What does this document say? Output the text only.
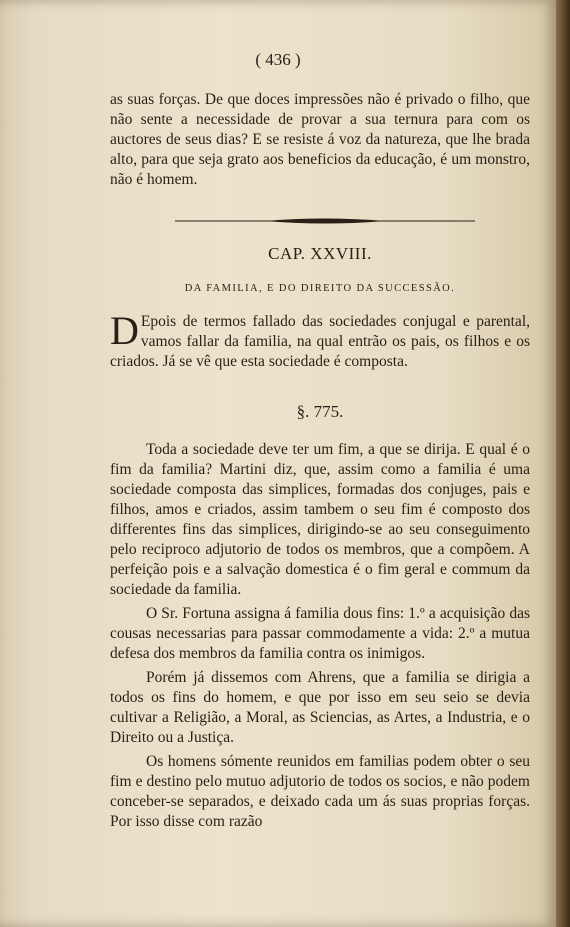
( 436 )

as suas forças. De que doces impressões não é privado o filho, que não sente a necessidade de provar a sua ternura para com os auctores de seus dias? E se resiste á voz da natureza, que lhe brada alto, para que seja grato aos beneficios da educação, é um monstro, não é homem.

CAP. XXVIII.
DA FAMILIA, E DO DIREITO DA SUCCESSÃO.
D Epois de termos fallado das sociedades conjugal e parental, vamos fallar da familia, na qual entrão os pais, os filhos e os criados. Já se vê que esta sociedade é composta.
§. 775.

Toda a sociedade deve ter um fim, a que se dirija. E qual é o fim da familia? Martini diz, que, assim como a familia é uma sociedade composta das simplices, formadas dos conjuges, pais e filhos, amos e criados, assim tambem o seu fim é composto dos differentes fins das simplices, dirigindo-se ao seu conseguimento pelo reciproco adjutorio de todos os membros, que a compõem. A perfeição pois e a salvação domestica é o fim geral e commum da sociedade da familia.

O Sr. Fortuna assigna á familia dous fins: 1.º a acquisição das cousas necessarias para passar commodamente a vida: 2.º a mutua defesa dos membros da familia contra os inimigos.

Porém já dissemos com Ahrens, que a familia se dirigia a todos os fins do homem, e que por isso em seu seio se devia cultivar a Religião, a Moral, as Sciencias, as Artes, a Industria, e o Direito ou a Justiça.

Os homens sómente reunidos em familias podem obter o seu fim e destino pelo mutuo adjutorio de todos os socios, e não podem conceber-se separados, e deixado cada um ás suas proprias forças. Por isso disse com razão
